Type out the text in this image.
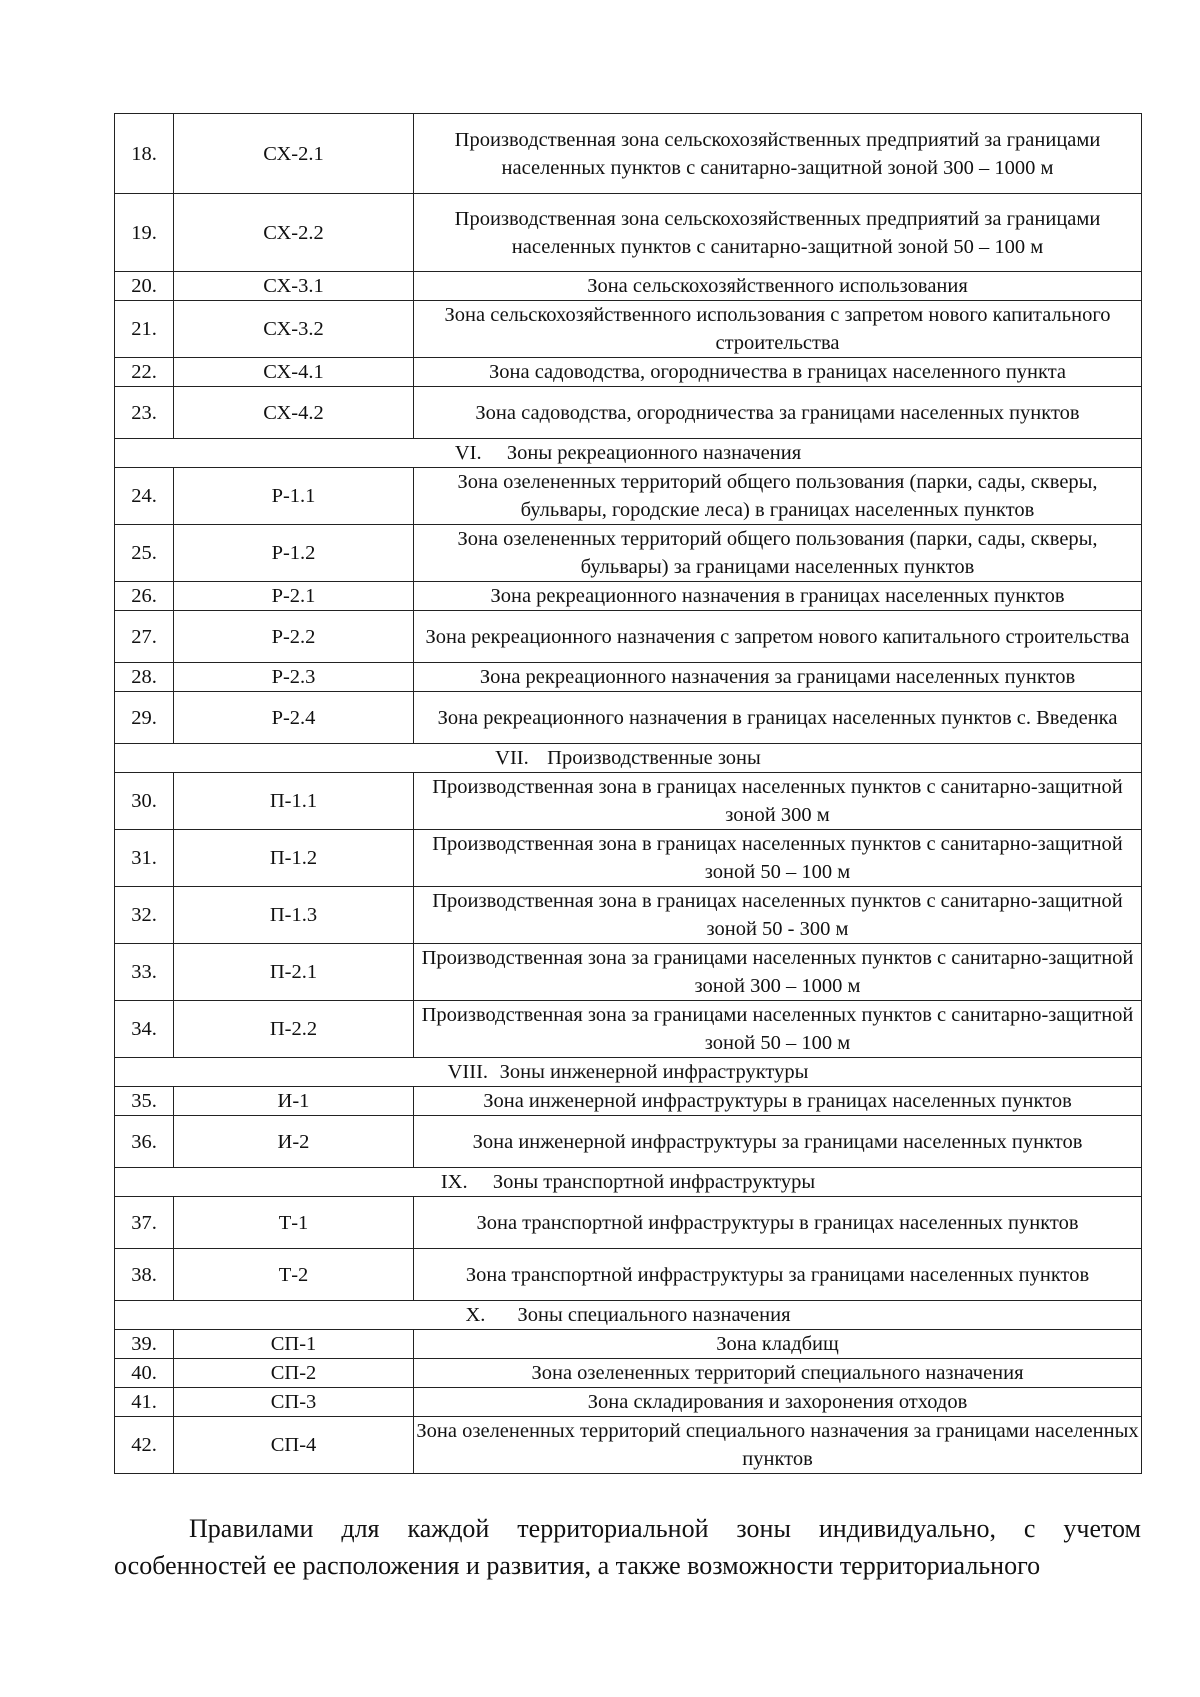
18.	СХ-2.1	Производственная зона сельскохозяйственных предприятий за границами населенных пунктов с санитарно-защитной зоной 300 – 1000 м
19.	СХ-2.2	Производственная зона сельскохозяйственных предприятий за границами населенных пунктов с санитарно-защитной зоной 50 – 100 м
20.	СХ-3.1	Зона сельскохозяйственного использования
21.	СХ-3.2	Зона сельскохозяйственного использования с запретом нового капитального строительства
22.	СХ-4.1	Зона садоводства, огородничества в границах населенного пункта
23.	СХ-4.2	Зона садоводства, огородничества за границами населенных пунктов
VI. Зоны рекреационного назначения		
24.	Р-1.1	Зона озелененных территорий общего пользования (парки, сады, скверы, бульвары, городские леса) в границах населенных пунктов
25.	Р-1.2	Зона озелененных территорий общего пользования (парки, сады, скверы, бульвары) за границами населенных пунктов
26.	Р-2.1	Зона рекреационного назначения в границах населенных пунктов
27.	Р-2.2	Зона рекреационного назначения с запретом нового капитального строительства
28.	Р-2.3	Зона рекреационного назначения за границами населенных пунктов
29.	Р-2.4	Зона рекреационного назначения в границах населенных пунктов с. Введенка
VII. Производственные зоны		
30.	П-1.1	Производственная зона в границах населенных пунктов с санитарно-защитной зоной 300 м
31.	П-1.2	Производственная зона в границах населенных пунктов с санитарно-защитной зоной 50 – 100 м
32.	П-1.3	Производственная зона в границах населенных пунктов с санитарно-защитной зоной 50 - 300 м
33.	П-2.1	Производственная зона за границами населенных пунктов с санитарно-защитной зоной 300 – 1000 м
34.	П-2.2	Производственная зона за границами населенных пунктов с санитарно-защитной зоной 50 – 100 м
VIII. Зоны инженерной инфраструктуры		
35.	И-1	Зона инженерной инфраструктуры в границах населенных пунктов
36.	И-2	Зона инженерной инфраструктуры за границами населенных пунктов
IX. Зоны транспортной инфраструктуры		
37.	Т-1	Зона транспортной инфраструктуры в границах населенных пунктов
38.	Т-2	Зона транспортной инфраструктуры за границами населенных пунктов
X. Зоны специального назначения		
39.	СП-1	Зона кладбищ
40.	СП-2	Зона озелененных территорий специального назначения
41.	СП-3	Зона складирования и захоронения отходов
42.	СП-4	Зона озелененных территорий специального назначения за границами населенных пунктов

Правилами для каждой территориальной зоны индивидуально, с учетом особенностей ее расположения и развития, а также возможности территориального
